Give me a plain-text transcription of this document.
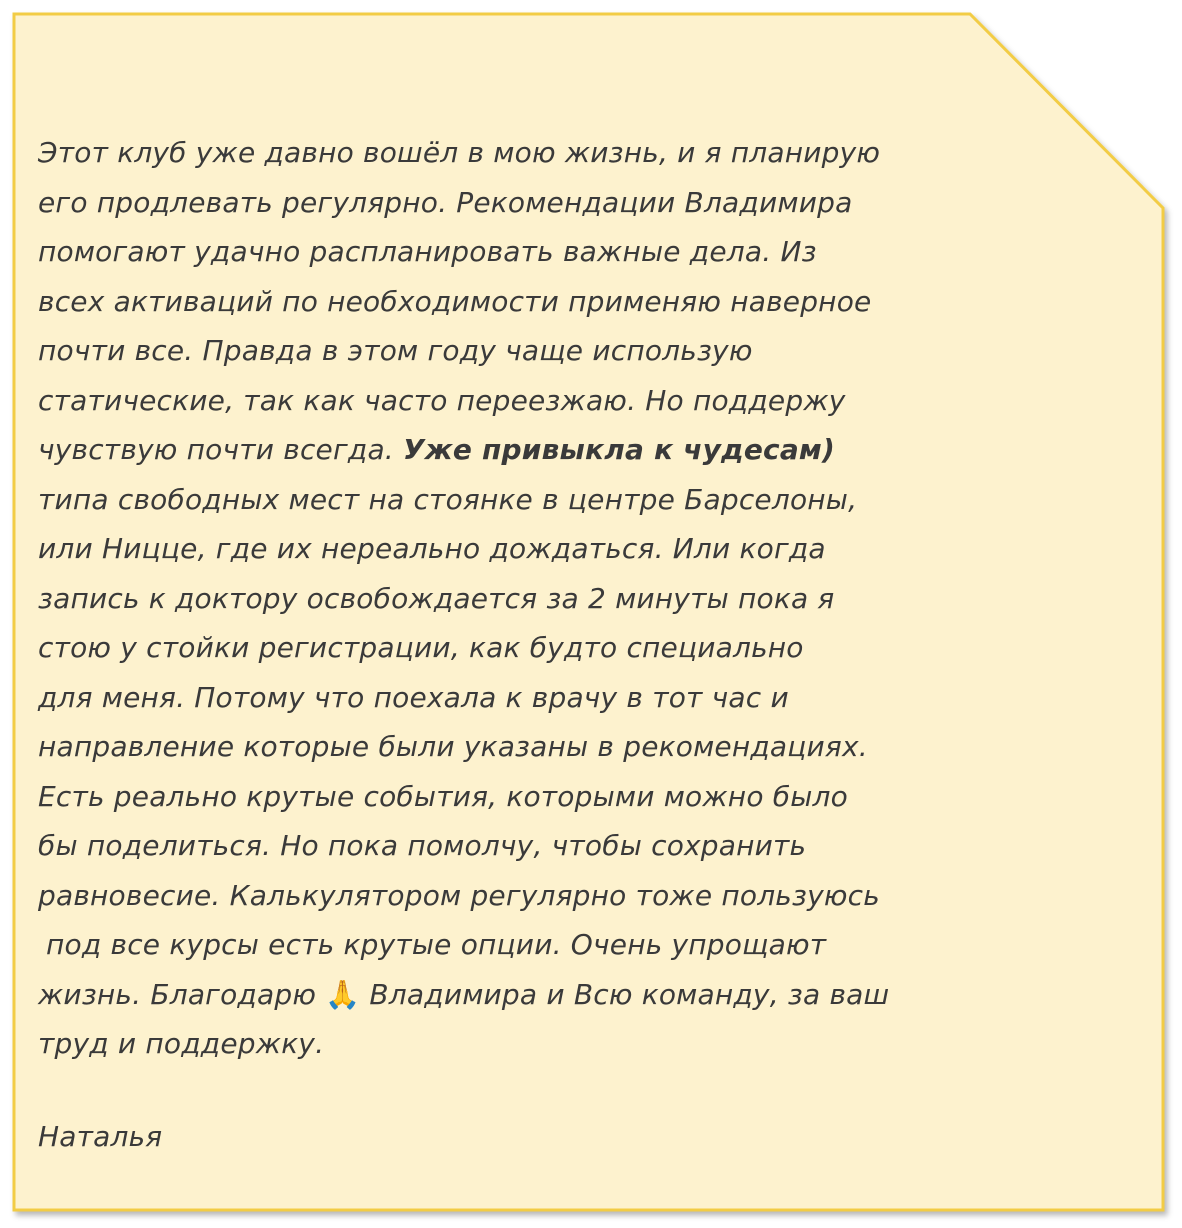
Этот клуб уже давно вошёл в мою жизнь, и я планирую
его продлевать регулярно. Рекомендации Владимира
помогают удачно распланировать важные дела. Из
всех активаций по необходимости применяю наверное
почти все. Правда в этом году чаще использую
статические, так как часто переезжаю. Но поддержу
чувствую почти всегда. Уже привыкла к чудесам)
типа свободных мест на стоянке в центре Барселоны,
или Ницце, где их нереально дождаться. Или когда
запись к доктору освобождается за 2 минуты пока я
стою у стойки регистрации, как будто специально
для меня. Потому что поехала к врачу в тот час и
направление которые были указаны в рекомендациях.
Есть реально крутые события, которыми можно было
бы поделиться. Но пока помолчу, чтобы сохранить
равновесие. Калькулятором регулярно тоже пользуюсь
под все курсы есть крутые опции. Очень упрощают
жизнь. Благодарю 🙏 Владимира и Всю команду, за ваш
труд и поддержку.

Наталья
